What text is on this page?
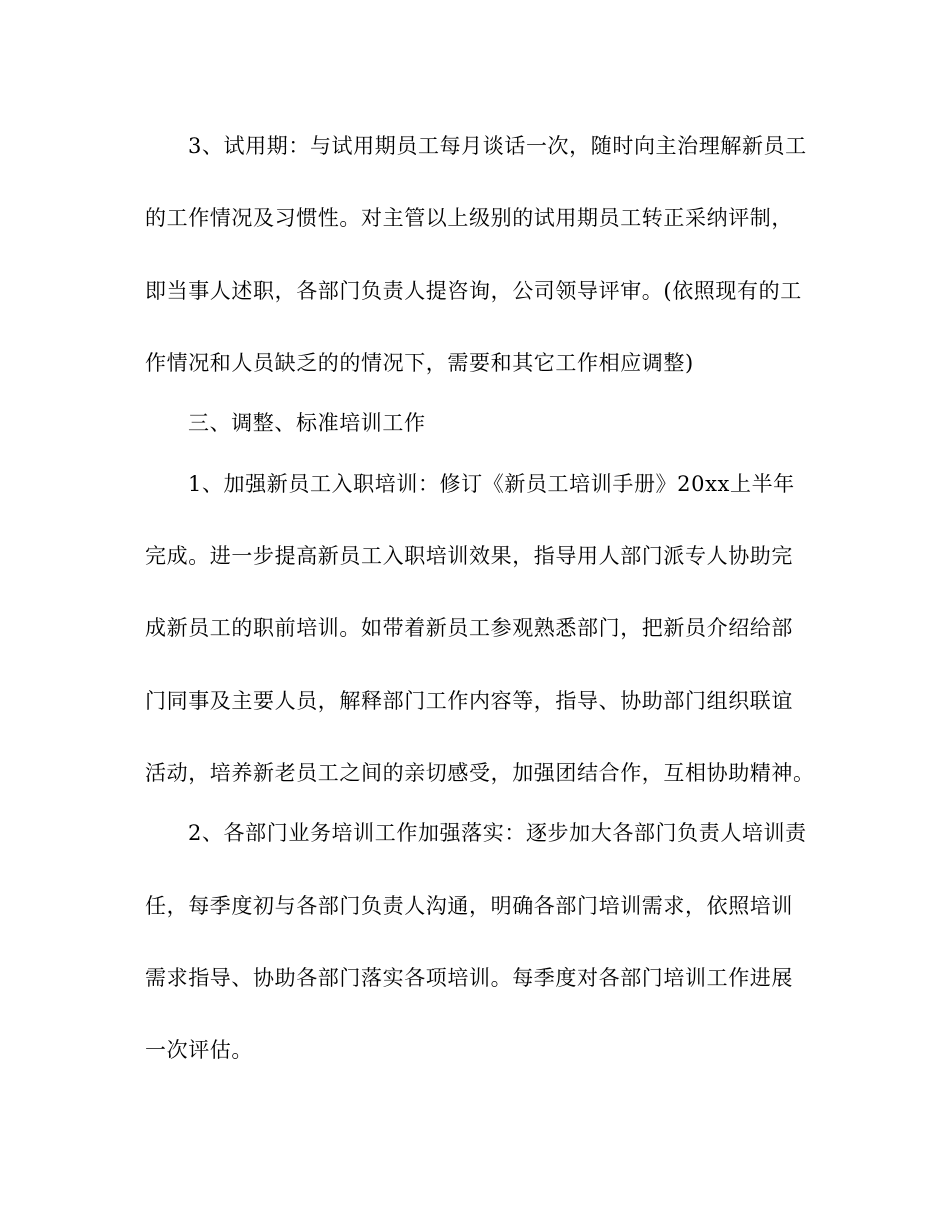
3、试用期：与试用期员工每月谈话一次，随时向主治理解新员工
的工作情况及习惯性。对主管以上级别的试用期员工转正采纳评制，
即当事人述职，各部门负责人提咨询，公司领导评审。(依照现有的工
作情况和人员缺乏的的情况下，需要和其它工作相应调整)
三、调整、标准培训工作
1、加强新员工入职培训：修订《新员工培训手册》20xx上半年
完成。进一步提高新员工入职培训效果，指导用人部门派专人协助完
成新员工的职前培训。如带着新员工参观熟悉部门，把新员介绍给部
门同事及主要人员，解释部门工作内容等，指导、协助部门组织联谊
活动，培养新老员工之间的亲切感受，加强团结合作，互相协助精神。
2、各部门业务培训工作加强落实：逐步加大各部门负责人培训责
任，每季度初与各部门负责人沟通，明确各部门培训需求，依照培训
需求指导、协助各部门落实各项培训。每季度对各部门培训工作进展
一次评估。
